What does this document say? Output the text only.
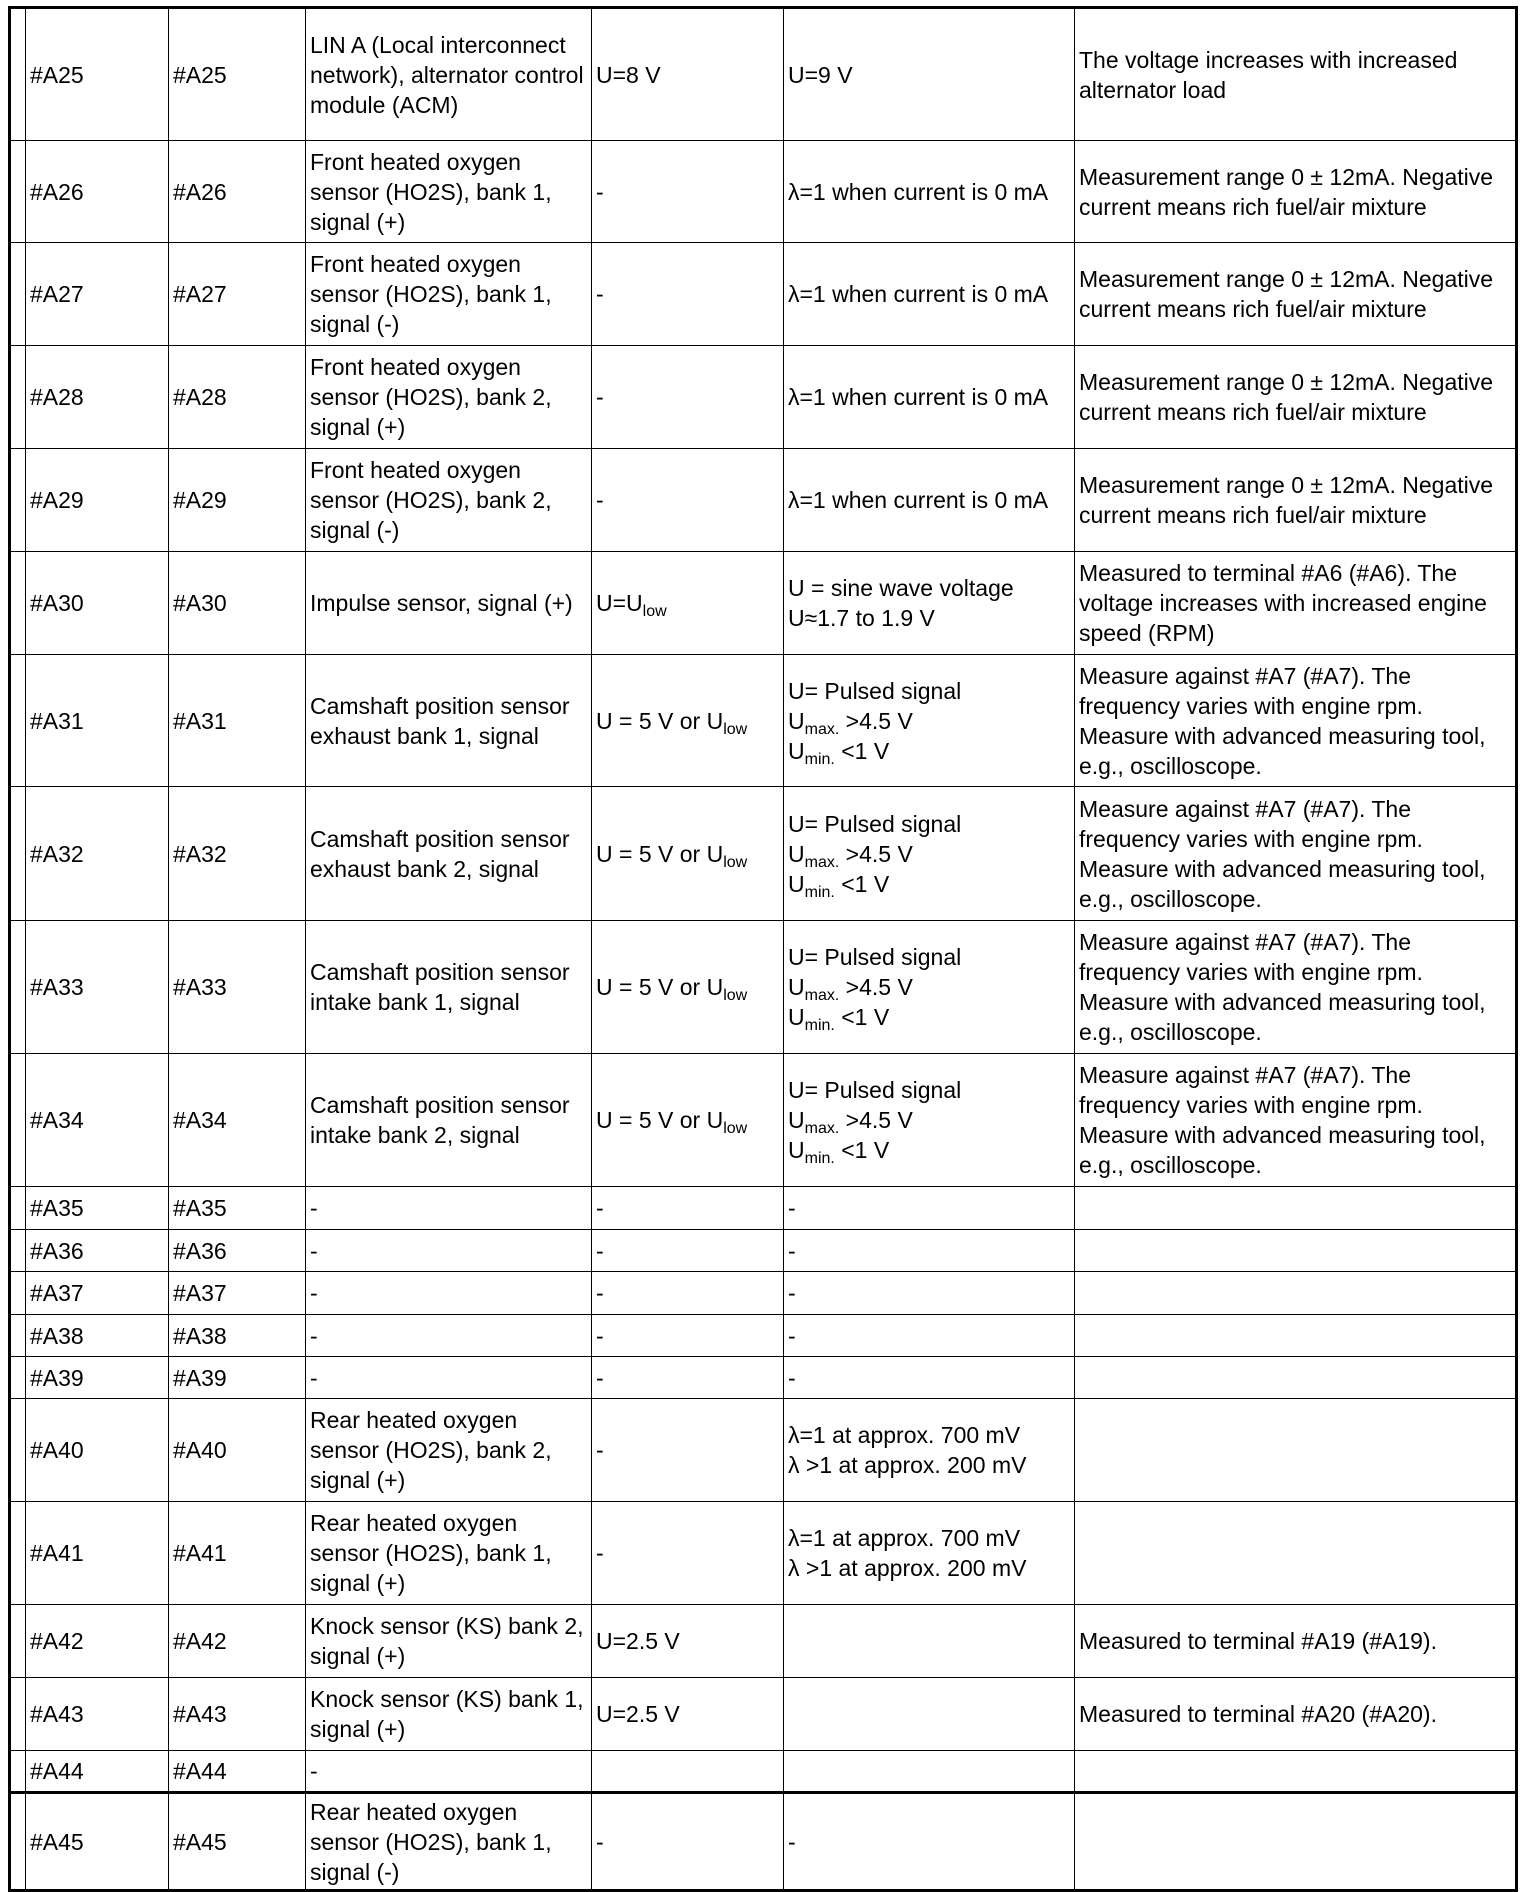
	#A25	#A25	LIN A (Local interconnect network), alternator control module (ACM)	U=8 V	U=9 V	The voltage increases with increased alternator load
	#A26	#A26	Front heated oxygen sensor (HO2S), bank 1, signal (+)	-	λ=1 when current is 0 mA	Measurement range 0 ± 12mA. Negative current means rich fuel/air mixture
	#A27	#A27	Front heated oxygen sensor (HO2S), bank 1, signal (-)	-	λ=1 when current is 0 mA	Measurement range 0 ± 12mA. Negative current means rich fuel/air mixture
	#A28	#A28	Front heated oxygen sensor (HO2S), bank 2, signal (+)	-	λ=1 when current is 0 mA	Measurement range 0 ± 12mA. Negative current means rich fuel/air mixture
	#A29	#A29	Front heated oxygen sensor (HO2S), bank 2, signal (-)	-	λ=1 when current is 0 mA	Measurement range 0 ± 12mA. Negative current means rich fuel/air mixture
	#A30	#A30	Impulse sensor, signal (+)	$U=U_{low}$	U = sine wave voltage
U≈1.7 to 1.9 V	Measured to terminal #A6 (#A6). The voltage increases with increased engine speed (RPM)
	#A31	#A31	Camshaft position sensor exhaust bank 1, signal	U = 5 V or $U_{low}$	U= Pulsed signal
$U_{max.} >4.5$ V
$U_{min.} <1$ V	Measure against #A7 (#A7). The frequency varies with engine rpm. Measure with advanced measuring tool, e.g., oscilloscope.
	#A32	#A32	Camshaft position sensor exhaust bank 2, signal	U = 5 V or $U_{low}$	U= Pulsed signal
$U_{max.} >4.5$ V
$U_{min.} <1$ V	Measure against #A7 (#A7). The frequency varies with engine rpm. Measure with advanced measuring tool, e.g., oscilloscope.
	#A33	#A33	Camshaft position sensor intake bank 1, signal	U = 5 V or $U_{low}$	U= Pulsed signal
$U_{max.} >4.5$ V
$U_{min.} <1$ V	Measure against #A7 (#A7). The frequency varies with engine rpm. Measure with advanced measuring tool, e.g., oscilloscope.
	#A34	#A34	Camshaft position sensor intake bank 2, signal	U = 5 V or $U_{low}$	U= Pulsed signal
$U_{max.} >4.5$ V
$U_{min.} <1$ V	Measure against #A7 (#A7). The frequency varies with engine rpm. Measure with advanced measuring tool, e.g., oscilloscope.
	#A35	#A35	-	-	-	

	#A36	#A36	-	-	-	

	#A37	#A37	-	-	-	

	#A38	#A38	-	-	-	

	#A39	#A39	-	-	-	

	#A40	#A40	Rear heated oxygen sensor (HO2S), bank 2, signal (+)	-	λ=1 at approx. 700 mV
λ >1 at approx. 200 mV	

	#A41	#A41	Rear heated oxygen sensor (HO2S), bank 1, signal (+)	-	λ=1 at approx. 700 mV
λ >1 at approx. 200 mV	

	#A42	#A42	Knock sensor (KS) bank 2, signal (+)	U=2.5 V		Measured to terminal #A19 (#A19).
	#A43	#A43	Knock sensor (KS) bank 1, signal (+)	U=2.5 V		Measured to terminal #A20 (#A20).
	#A44	#A44	-			
	#A45	#A45	Rear heated oxygen sensor (HO2S), bank 1, signal (-)	-	-	
